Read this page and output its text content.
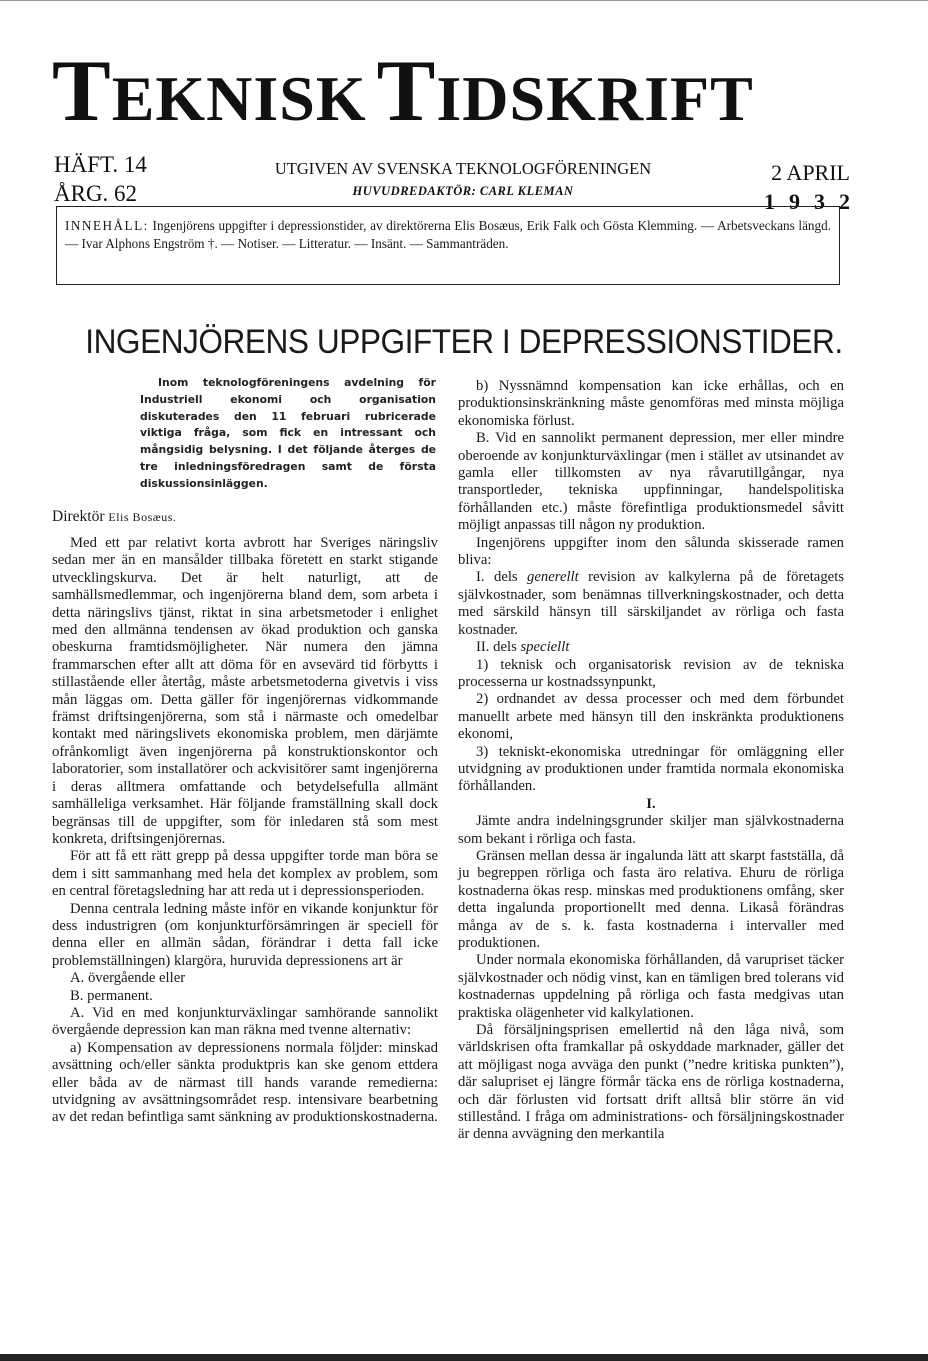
TEKNISK TIDSKRIFT
HÄFT. 14
ÅRG. 62
UTGIVEN AV SVENSKA TEKNOLOGFÖRENINGEN
HUVUDREDAKTÖR: CARL KLEMAN
2 APRIL
1932
INNEHÅLL: Ingenjörens uppgifter i depressionstider, av direktörerna Elis Bosæus, Erik Falk och Gösta Klemming. — Arbetsveckans längd. — Ivar Alphons Engström †. — Notiser. — Litteratur. — Insänt. — Sammanträden.
INGENJÖRENS UPPGIFTER I DEPRESSIONSTIDER.
Inom teknologföreningens avdelning för Industriell ekonomi och organisation diskuterades den 11 februari rubricerade viktiga fråga, som fick en intressant och mångsidig belysning. I det följande återges de tre inledningsföredragen samt de första diskussionsinläggen.
Direktör Elis Bosæus.

Med ett par relativt korta avbrott har Sveriges näringsliv sedan mer än en mansålder tillbaka företett en starkt stigande utvecklingskurva. Det är helt naturligt, att de samhällsmedlemmar, och ingenjörerna bland dem, som arbeta i detta näringslivs tjänst, riktat in sina arbetsmetoder i enlighet med den allmänna tendensen av ökad produktion och ganska obeskurna framtidsmöjligheter. När numera den jämna frammarschen efter allt att döma för en avsevärd tid förbytts i stillastående eller återtåg, måste arbetsmetoderna givetvis i viss mån läggas om. Detta gäller för ingenjörernas vidkommande främst driftsingenjörerna, som stå i närmaste och omedelbar kontakt med näringslivets ekonomiska problem, men därjämte ofrånkomligt även ingenjörerna på konstruktionskontor och laboratorier, som installatörer och ackvisitörer samt ingenjörerna i deras alltmera omfattande och betydelsefulla allmänt samhälleliga verksamhet. Här följande framställning skall dock begränsas till de uppgifter, som för inledaren stå som mest konkreta, driftsingenjörernas.

För att få ett rätt grepp på dessa uppgifter torde man böra se dem i sitt sammanhang med hela det komplex av problem, som en central företagsledning har att reda ut i depressionsperioden.

Denna centrala ledning måste inför en vikande konjunktur för dess industrigren (om konjunkturförsämringen är speciell för denna eller en allmän sådan, förändrar i detta fall icke problemställningen) klargöra, huruvida depressionens art är

A. övergående eller

B. permanent.

A. Vid en med konjunkturväxlingar samhörande sannolikt övergående depression kan man räkna med tvenne alternativ:

a) Kompensation av depressionens normala följder: minskad avsättning och/eller sänkta produktpris kan ske genom ettdera eller båda av de närmast till hands varande remedierna: utvidgning av avsättningsområdet resp. intensivare bearbetning av det redan befintliga samt sänkning av produktionskostnaderna.

b) Nyssnämnd kompensation kan icke erhållas, och en produktionsinskränkning måste genomföras med minsta möjliga ekonomiska förlust.

B. Vid en sannolikt permanent depression, mer eller mindre oberoende av konjunkturväxlingar (men i stället av utsinandet av gamla eller tillkomsten av nya råvarutillgångar, nya transportleder, tekniska uppfinningar, handelspolitiska förhållanden etc.) måste förefintliga produktionsmedel såvitt möjligt anpassas till någon ny produktion.

Ingenjörens uppgifter inom den sålunda skisserade ramen bliva:

I. dels generellt revision av kalkylerna på de företagets självkostnader, som benämnas tillverkningskostnader, och detta med särskild hänsyn till särskiljandet av rörliga och fasta kostnader.

II. dels speciellt

1) teknisk och organisatorisk revision av de tekniska processerna ur kostnadssynpunkt,

2) ordnandet av dessa processer och med dem förbundet manuellt arbete med hänsyn till den inskränkta produktionens ekonomi,

3) tekniskt-ekonomiska utredningar för omläggning eller utvidgning av produktionen under framtida normala ekonomiska förhållanden.

I.

Jämte andra indelningsgrunder skiljer man självkostnaderna som bekant i rörliga och fasta.

Gränsen mellan dessa är ingalunda lätt att skarpt fastställa, då ju begreppen rörliga och fasta äro relativa. Ehuru de rörliga kostnaderna ökas resp. minskas med produktionens omfång, sker detta ingalunda proportionellt med denna. Likaså förändras många av de s. k. fasta kostnaderna i intervaller med produktionen.

Under normala ekonomiska förhållanden, då varupriset täcker självkostnader och nödig vinst, kan en tämligen bred tolerans vid kostnadernas uppdelning på rörliga och fasta medgivas utan praktiska olägenheter vid kalkylationen.

Då försäljningsprisen emellertid nå den låga nivå, som världskrisen ofta framkallar på oskyddade marknader, gäller det att möjligast noga avväga den punkt (”nedre kritiska punkten”), där salupriset ej längre förmår täcka ens de rörliga kostnaderna, och där förlusten vid fortsatt drift alltså blir större än vid stillestånd. I fråga om administrations- och försäljningskostnader är denna avvägning den merkantila
